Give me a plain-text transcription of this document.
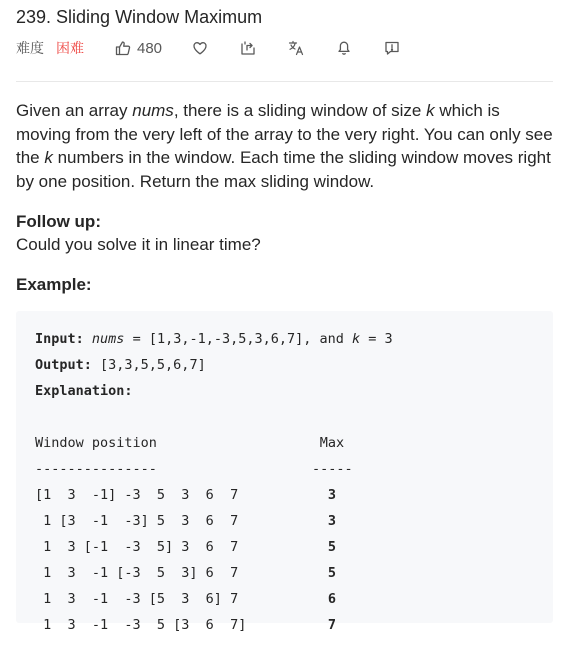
239. Sliding Window Maximum
难度 困难	480

Given an array nums, there is a sliding window of size k which is moving from the very left of the array to the very right. You can only see the k numbers in the window. Each time the sliding window moves right by one position. Return the max sliding window.

Follow up:

Could you solve it in linear time?

Example:

Input: nums = [1,3,-1,-3,5,3,6,7], and k = 3
Output: [3,3,5,5,6,7]
Explanation:
Window position	Max
---------------	-----
[1  3  -1] -3  5  3  6  7	3
1 [3  -1  -3] 5  3  6  7	3
1  3 [-1  -3  5] 3  6  7	5
1  3  -1 [-3  5  3] 6  7	5
1  3  -1  -3 [5  3  6] 7	6
1  3  -1  -3  5 [3  6  7]	7
